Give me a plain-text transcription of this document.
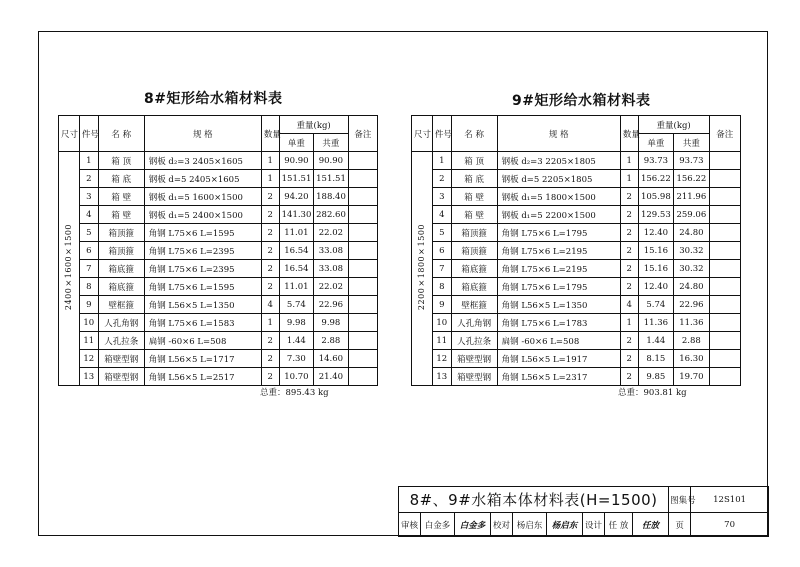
8#矩形给水箱材料表
尺寸	件号	名 称	规 格	数量	重量(kg)		备注
					单重	共重	
2400×1600×1500	1	箱 顶	钢板 d₂=3 2405×1605	1	90.90	90.90	
	2	箱 底	钢板 d=5 2405×1605	1	151.51	151.51	
	3	箱 壁	钢板 d₁=5 1600×1500	2	94.20	188.40	
	4	箱 壁	钢板 d₁=5 2400×1500	2	141.30	282.60	
	5	箱顶箍	角钢 L75×6 L=1595	2	11.01	22.02	
	6	箱顶箍	角钢 L75×6 L=2395	2	16.54	33.08	
	7	箱底箍	角钢 L75×6 L=2395	2	16.54	33.08	
	8	箱底箍	角钢 L75×6 L=1595	2	11.01	22.02	
	9	壁框箍	角钢 L56×5 L=1350	4	5.74	22.96	
	10	人孔角钢	角钢 L75×6 L=1583	1	9.98	9.98	
	11	人孔拉条	扁钢 -60×6 L=508	2	1.44	2.88	
	12	箱壁型钢	角钢 L56×5 L=1717	2	7.30	14.60	
	13	箱壁型钢	角钢 L56×5 L=2517	2	10.70	21.40	
总重：895.43 kg
9#矩形给水箱材料表
尺寸	件号	名 称	规 格	数量	重量(kg)		备注
					单重	共重	
2200×1800×1500	1	箱 顶	钢板 d₂=3 2205×1805	1	93.73	93.73	
	2	箱 底	钢板 d=5 2205×1805	1	156.22	156.22	
	3	箱 壁	钢板 d₁=5 1800×1500	2	105.98	211.96	
	4	箱 壁	钢板 d₁=5 2200×1500	2	129.53	259.06	
	5	箱顶箍	角钢 L75×6 L=1795	2	12.40	24.80	
	6	箱顶箍	角钢 L75×6 L=2195	2	15.16	30.32	
	7	箱底箍	角钢 L75×6 L=2195	2	15.16	30.32	
	8	箱底箍	角钢 L75×6 L=1795	2	12.40	24.80	
	9	壁框箍	角钢 L56×5 L=1350	4	5.74	22.96	
	10	人孔角钢	角钢 L75×6 L=1783	1	11.36	11.36	
	11	人孔拉条	扁钢 -60×6 L=508	2	1.44	2.88	
	12	箱壁型钢	角钢 L56×5 L=1917	2	8.15	16.30	
	13	箱壁型钢	角钢 L56×5 L=2317	2	9.85	19.70	
总重：903.81 kg
8#、9#水箱本体材料表(H=1500)									图集号	12S101
审核	白金多	白金多	校对	杨启东	杨启东	设计	任 放	任放	页	70
